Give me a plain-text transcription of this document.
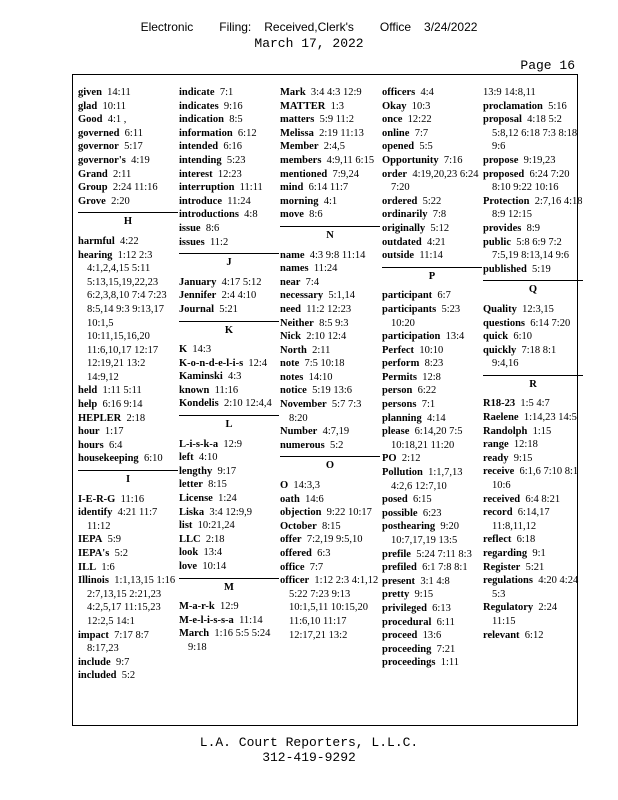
Electronic      Filing:   Received,Clerk's      Office   3/24/2022
March 17, 2022
Page 16
given 14:11
glad 10:11
Good 4:1 ,
governed 6:11
governor 5:17
governor's 4:19
Grand 2:11
Group 2:24 11:16
Grove 2:20
H
harmful 4:22
hearing 1:12 2:3 4:1,2,4,15 5:11 5:13,15,19,22,23 6:2,3,8,10 7:4 7:23 8:5,14 9:3 9:13,17 10:1,5 10:11,15,16,20 11:6,10,17 12:17 12:19,21 13:2 14:9,12
held 1:11 5:11
help 6:16 9:14
HEPLER 2:18
hour 1:17
hours 6:4
housekeeping 6:10
I
I-E-R-G 11:16
identify 4:21 11:7 11:12
IEPA 5:9
IEPA's 5:2
ILL 1:6
Illinois 1:1,13,15 1:16 2:7,13,15 2:21,23 4:2,5,17 11:15,23 12:2,5 14:1
impact 7:17 8:7 8:17,23
include 9:7
included 5:2
indicate 7:1
indicates 9:16
indication 8:5
information 6:12
intended 6:16
intending 5:23
interest 12:23
interruption 11:11
introduce 11:24
introductions 4:8
issue 8:6
issues 11:2
J
January 4:17 5:12
Jennifer 2:4 4:10
Journal 5:21
K
K 14:3
K-o-n-d-e-l-i-s 12:4
Kaminski 4:3
known 11:16
Kondelis 2:10 12:4,4
L
L-i-s-k-a 12:9
left 4:10
lengthy 9:17
letter 8:15
License 1:24
Liska 3:4 12:9,9
list 10:21,24
LLC 2:18
look 13:4
love 10:14
M
M-a-r-k 12:9
M-e-l-i-s-s-a 11:14
March 1:16 5:5 5:24 9:18
Mark 3:4 4:3 12:9
MATTER 1:3
matters 5:9 11:2
Melissa 2:19 11:13
Member 2:4,5
members 4:9,11 6:15
mentioned 7:9,24
mind 6:14 11:7
morning 4:1
move 8:6
N
name 4:3 9:8 11:14
names 11:24
near 7:4
necessary 5:1,14
need 11:2 12:23
Neither 8:5 9:3
Nick 2:10 12:4
North 2:11
note 7:5 10:18
notes 14:10
notice 5:19 13:6
November 5:7 7:3 8:20
Number 4:7,19
numerous 5:2
O
O 14:3,3
oath 14:6
objection 9:22 10:17
October 8:15
offer 7:2,19 9:5,10
offered 6:3
office 7:7
officer 1:12 2:3 4:1,12 5:22 7:23 9:13 10:1,5,11 10:15,20 11:6,10 11:17 12:17,21 13:2
officers 4:4
Okay 10:3
once 12:22
online 7:7
opened 5:5
Opportunity 7:16
order 4:19,20,23 6:24 7:20
ordered 5:22
ordinarily 7:8
originally 5:12
outdated 4:21
outside 11:14
P
participant 6:7
participants 5:23 10:20
participation 13:4
Perfect 10:10
perform 8:23
Permits 12:8
person 6:22
persons 7:1
planning 4:14
please 6:14,20 7:5 10:18,21 11:20
PO 2:12
Pollution 1:1,7,13 4:2,6 12:7,10
posed 6:15
possible 6:23
posthearing 9:20 10:7,17,19 13:5
prefile 5:24 7:11 8:3
prefiled 6:1 7:8 8:1
present 3:1 4:8
pretty 9:15
privileged 6:13
procedural 6:11
proceed 13:6
proceeding 7:21
proceedings 1:11
13:9 14:8,11
proclamation 5:16
proposal 4:18 5:2 5:8,12 6:18 7:3 8:18 9:6
propose 9:19,23
proposed 6:24 7:20 8:10 9:22 10:16
Protection 2:7,16 4:18 8:9 12:15
provides 8:9
public 5:8 6:9 7:2 7:5,19 8:13,14 9:6
published 5:19
Q
Quality 12:3,15
questions 6:14 7:20
quick 6:10
quickly 7:18 8:1 9:4,16
R
R18-23 1:5 4:7
Raelene 1:14,23 14:5
Randolph 1:15
range 12:18
ready 9:15
receive 6:1,6 7:10 8:1 10:6
received 6:4 8:21
record 6:14,17 11:8,11,12
reflect 6:18
regarding 9:1
Register 5:21
regulations 4:20 4:24 5:3
Regulatory 2:24 11:15
relevant 6:12
L.A. Court Reporters, L.L.C.
312-419-9292
